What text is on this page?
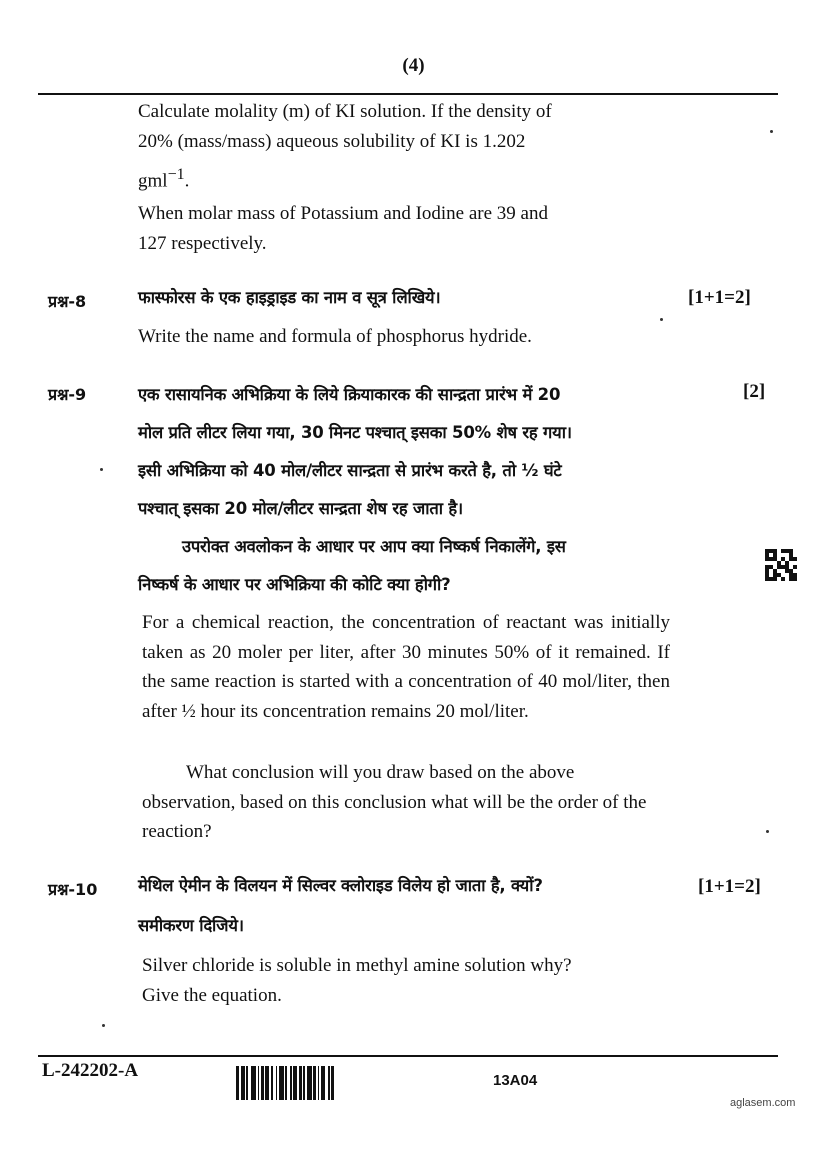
(4)
Calculate molality (m) of KI solution. If the density of
20% (mass/mass) aqueous solubility of KI is 1.202
gml$^{-1}$.
When molar mass of Potassium and Iodine are 39 and
127 respectively.
प्रश्न-8	फास्फोरस के एक हाइड्राइड का नाम व सूत्र लिखिये।	[1+1=2]
Write the name and formula of phosphorus hydride.
प्रश्न-9	[2]
एक रासायनिक अभिक्रिया के लिये क्रियाकारक की सान्द्रता प्रारंभ में 20
मोल प्रति लीटर लिया गया, 30 मिनट पश्चात् इसका 50% शेष रह गया।
इसी अभिक्रिया को 40 मोल/लीटर सान्द्रता से प्रारंभ करते है, तो ½ घंटे
पश्चात् इसका 20 मोल/लीटर सान्द्रता शेष रह जाता है।
उपरोक्त अवलोकन के आधार पर आप क्या निष्कर्ष निकालेंगे, इस
निष्कर्ष के आधार पर अभिक्रिया की कोटि क्या होगी?
For a chemical reaction, the concentration of reactant was initially taken as 20 moler per liter, after 30 minutes 50% of it remained. If the same reaction is started with a concentration of 40 mol/liter, then after ½ hour its concentration remains 20 mol/liter.
What conclusion will you draw based on the above observation, based on this conclusion what will be the order of the reaction?
प्रश्न-10 मेथिल ऐमीन के विलयन में सिल्वर क्लोराइड विलेय हो जाता है, क्यों?	[1+1=2]
समीकरण दिजिये।
Silver chloride is soluble in methyl amine solution why?
Give the equation.
L-242202-A	13A04
aglasem.com
